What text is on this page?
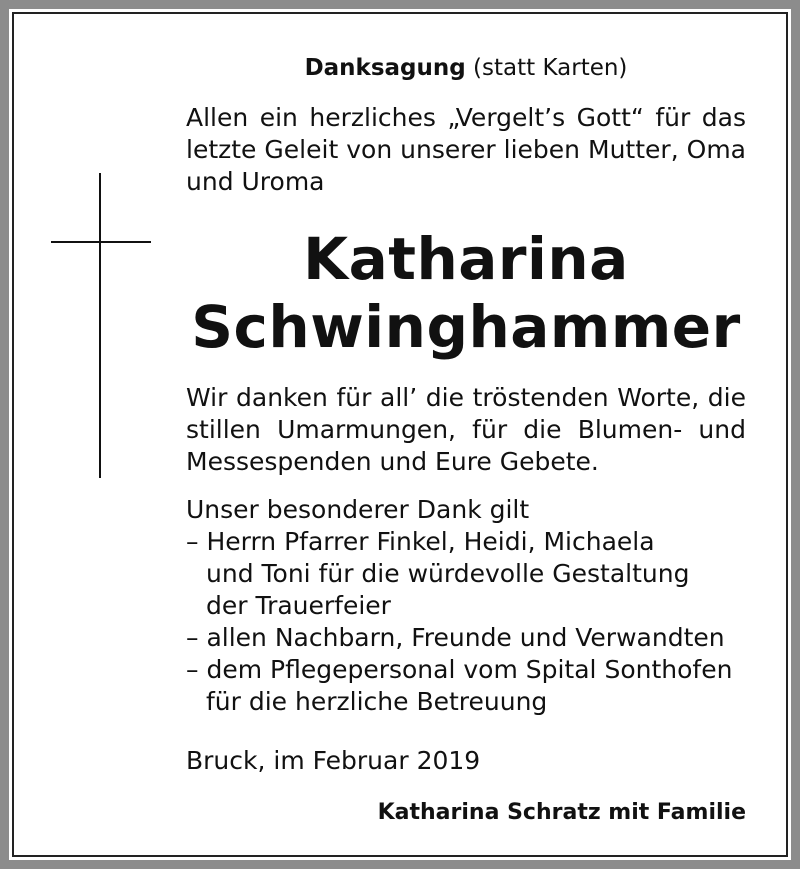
Danksagung (statt Karten)
Allen ein herzliches „Vergelt’s Gott“ für das
letzte Geleit von unserer lieben Mutter, Oma
und Uroma
Katharina
Schwinghammer
Wir danken für all’ die tröstenden Worte, die
stillen Umarmungen, für die Blumen- und
Messespenden und Eure Gebete.
Unser besonderer Dank gilt
– Herrn Pfarrer Finkel, Heidi, Michaela
und Toni für die würdevolle Gestaltung
der Trauerfeier
– allen Nachbarn, Freunde und Verwandten
– dem Pflegepersonal vom Spital Sonthofen
für die herzliche Betreuung
Bruck, im Februar 2019
Katharina Schratz mit Familie
